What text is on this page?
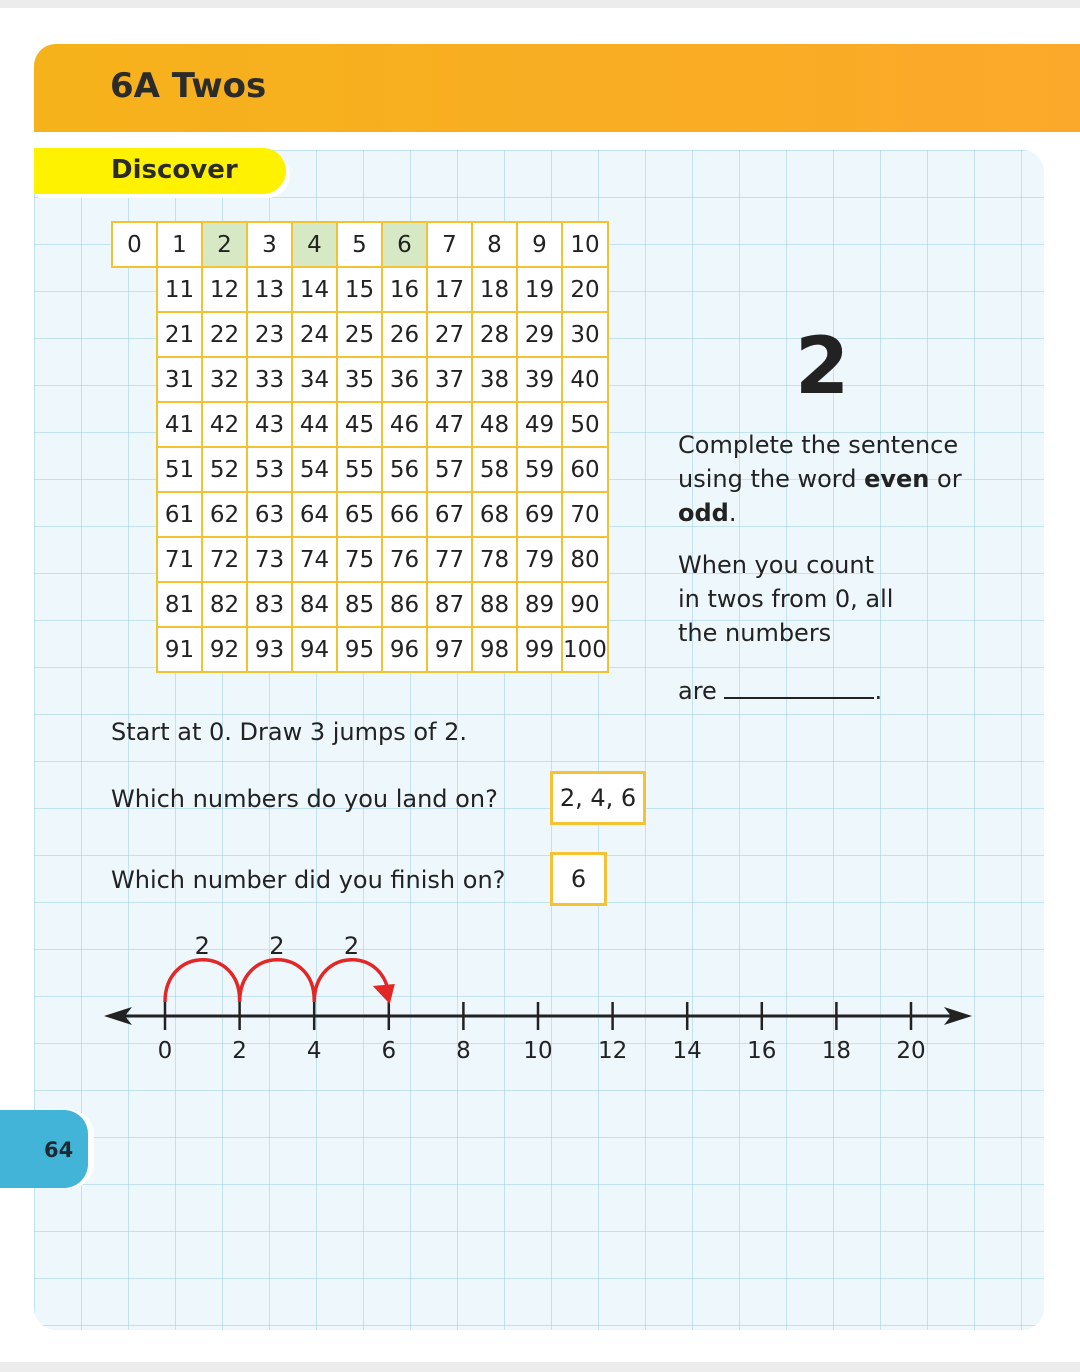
6A Twos
Discover
0	1	2	3	4	5	6	7	8	9	10
	11	12	13	14	15	16	17	18	19	20
	21	22	23	24	25	26	27	28	29	30
	31	32	33	34	35	36	37	38	39	40
	41	42	43	44	45	46	47	48	49	50
	51	52	53	54	55	56	57	58	59	60
	61	62	63	64	65	66	67	68	69	70
	71	72	73	74	75	76	77	78	79	80
	81	82	83	84	85	86	87	88	89	90
	91	92	93	94	95	96	97	98	99	100
2
Complete the sentence using the word even or odd.
When you count in twos from 0, all the numbers
are	.
Start at 0. Draw 3 jumps of 2.
Which numbers do you land on?	2, 4, 6
Which number did you finish on?	6
0	2	4	6	8 10 12 14 16 18 20
2 2 2
64
